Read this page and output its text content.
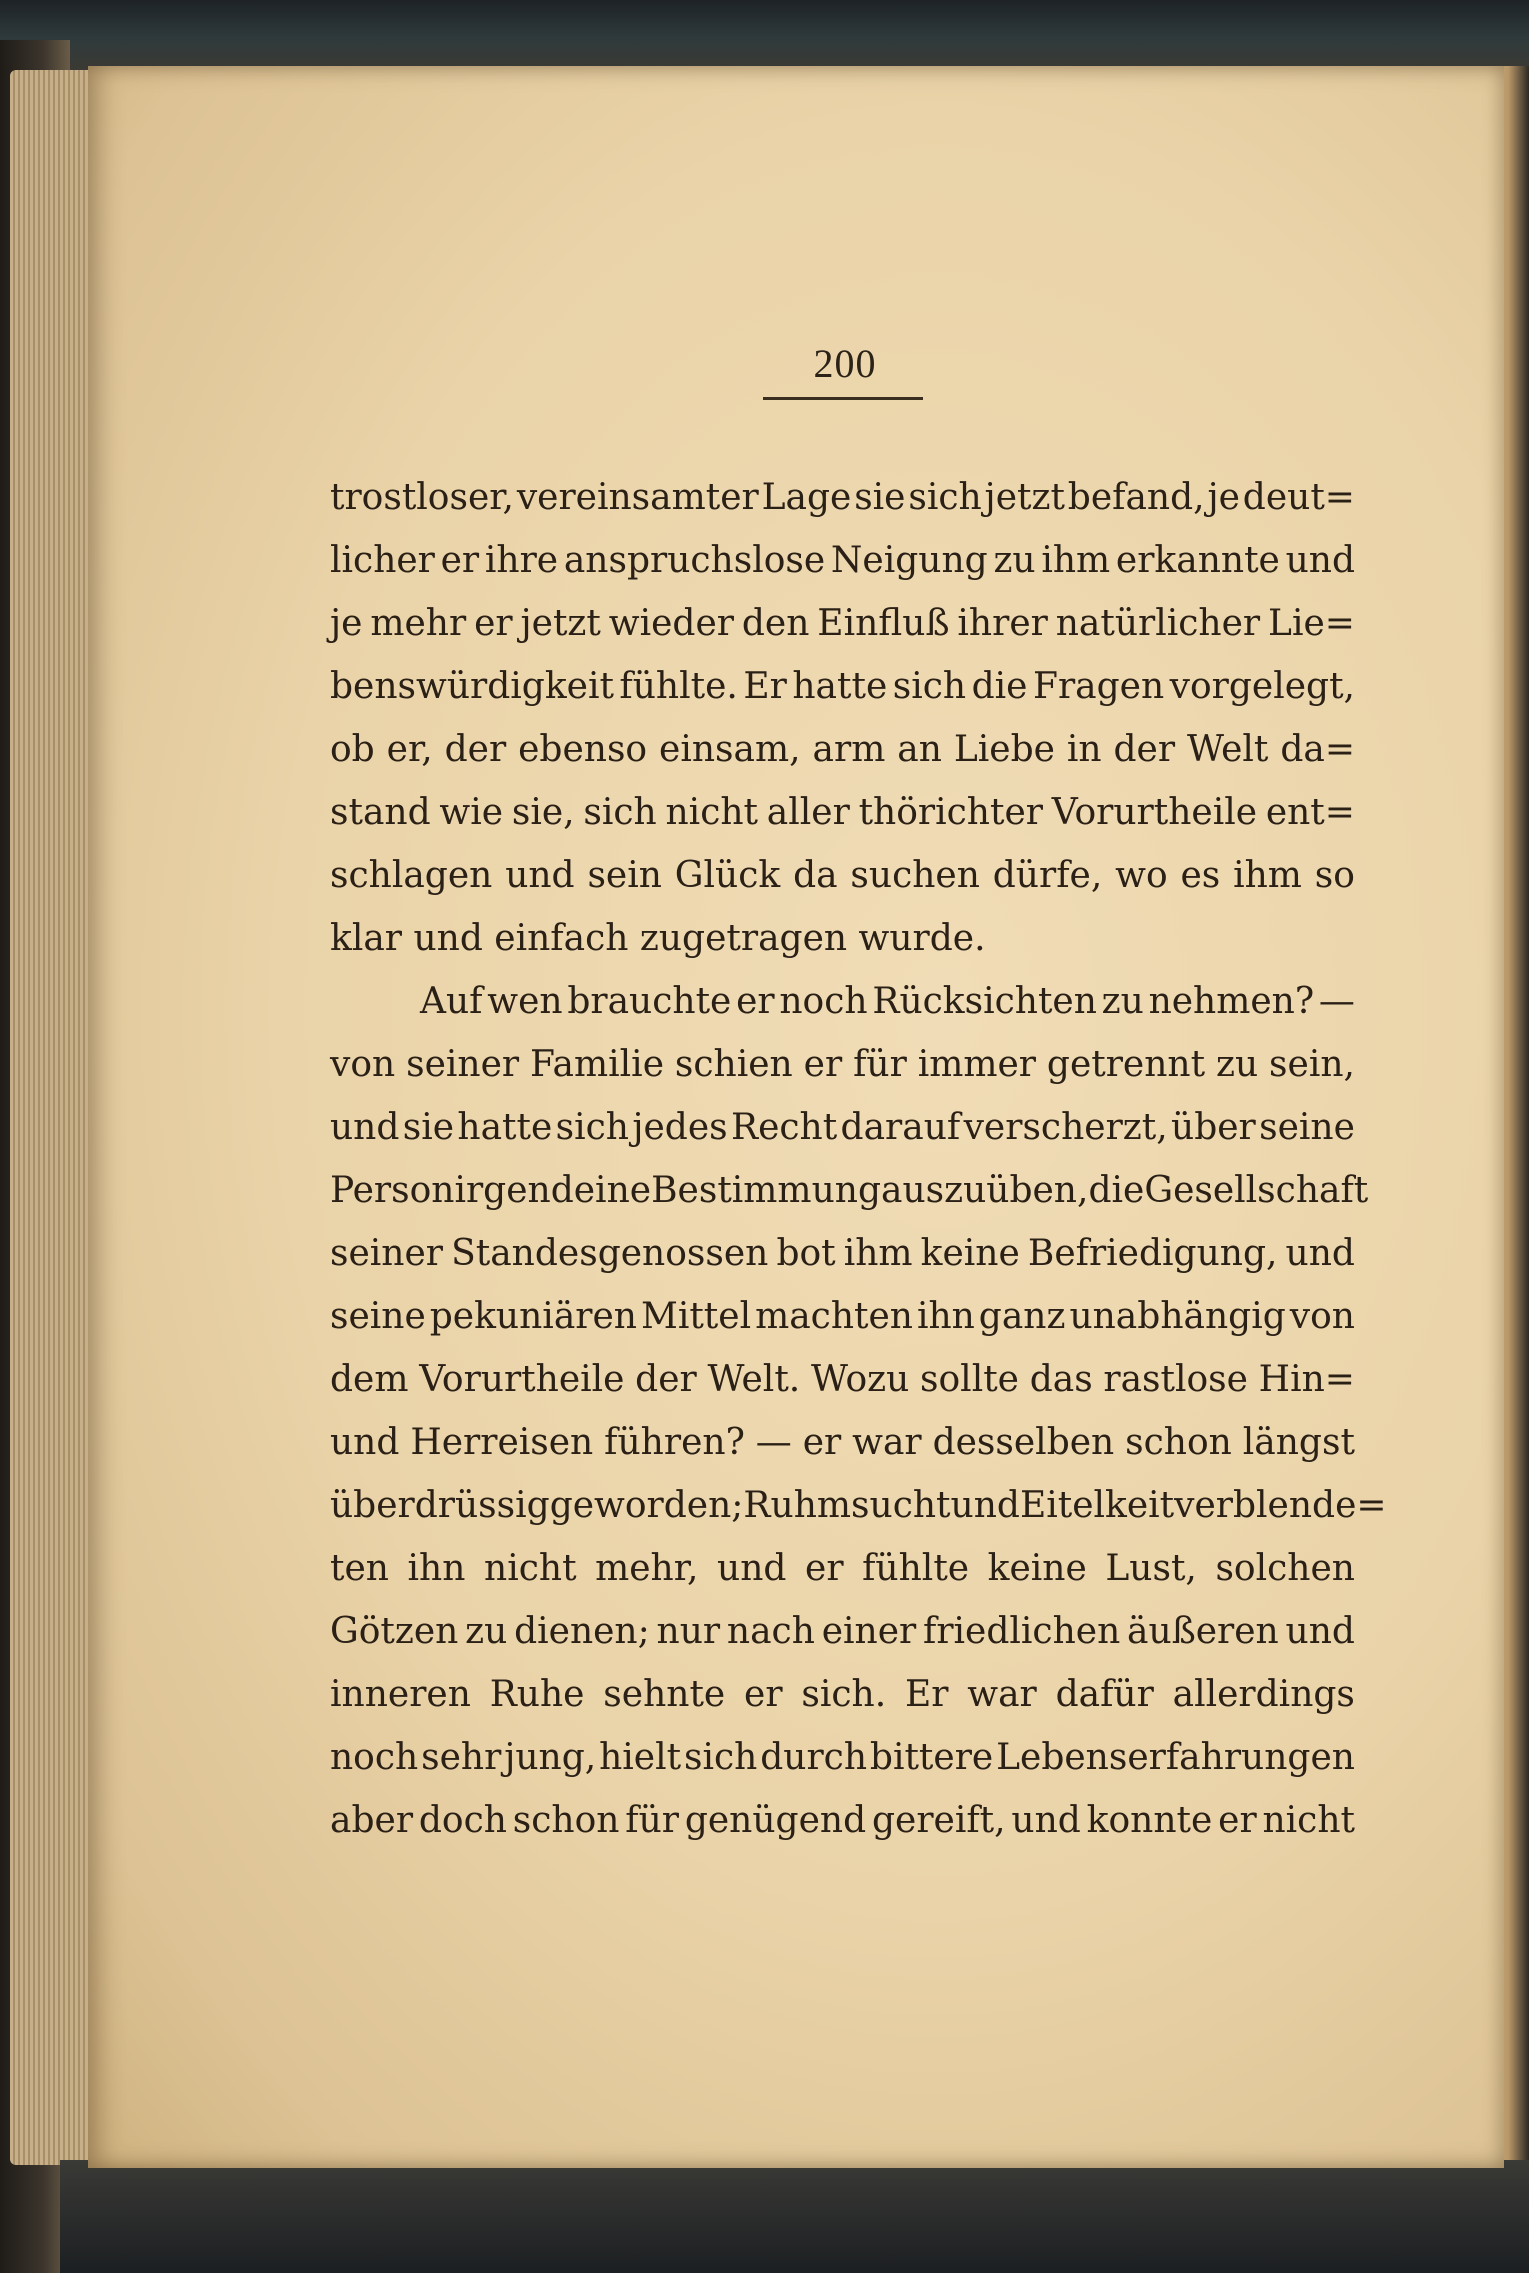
200
trostloser, vereinsamter Lage sie sich jetzt befand, je deut=
licher er ihre anspruchslose Neigung zu ihm erkannte und
je mehr er jetzt wieder den Einfluß ihrer natürlicher Lie=
benswürdigkeit fühlte. Er hatte sich die Fragen vorgelegt,
ob er, der ebenso einsam, arm an Liebe in der Welt da=
stand wie sie, sich nicht aller thörichter Vorurtheile ent=
schlagen und sein Glück da suchen dürfe, wo es ihm so
klar und einfach zugetragen wurde.
Auf wen brauchte er noch Rücksichten zu nehmen? —
von seiner Familie schien er für immer getrennt zu sein,
und sie hatte sich jedes Recht darauf verscherzt, über seine
Person irgendeine Bestimmung auszuüben, die Gesellschaft
seiner Standesgenossen bot ihm keine Befriedigung, und
seine pekuniären Mittel machten ihn ganz unabhängig von
dem Vorurtheile der Welt. Wozu sollte das rastlose Hin=
und Herreisen führen? — er war desselben schon längst
überdrüssig geworden; Ruhmsucht und Eitelkeit verblende=
ten ihn nicht mehr, und er fühlte keine Lust, solchen
Götzen zu dienen; nur nach einer friedlichen äußeren und
inneren Ruhe sehnte er sich. Er war dafür allerdings
noch sehr jung, hielt sich durch bittere Lebenserfahrungen
aber doch schon für genügend gereift, und konnte er nicht
